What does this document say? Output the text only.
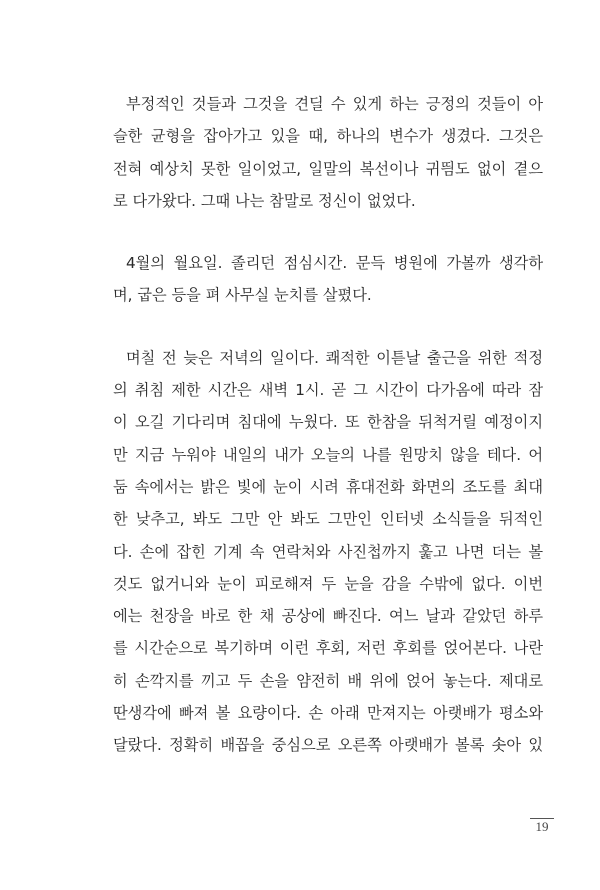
부정적인 것들과 그것을 견딜 수 있게 하는 긍정의 것들이 아
슬한 균형을 잡아가고 있을 때, 하나의 변수가 생겼다. 그것은
전혀 예상치 못한 일이었고, 일말의 복선이나 귀띔도 없이 곁으
로 다가왔다. 그때 나는 참말로 정신이 없었다.
4월의 월요일. 졸리던 점심시간. 문득 병원에 가볼까 생각하
며, 굽은 등을 펴 사무실 눈치를 살폈다.
며칠 전 늦은 저녁의 일이다. 쾌적한 이튿날 출근을 위한 적정
의 취침 제한 시간은 새벽 1시. 곧 그 시간이 다가옴에 따라 잠
이 오길 기다리며 침대에 누웠다. 또 한참을 뒤척거릴 예정이지
만 지금 누워야 내일의 내가 오늘의 나를 원망치 않을 테다. 어
둠 속에서는 밝은 빛에 눈이 시려 휴대전화 화면의 조도를 최대
한 낮추고, 봐도 그만 안 봐도 그만인 인터넷 소식들을 뒤적인
다. 손에 잡힌 기계 속 연락처와 사진첩까지 훑고 나면 더는 볼
것도 없거니와 눈이 피로해져 두 눈을 감을 수밖에 없다. 이번
에는 천장을 바로 한 채 공상에 빠진다. 여느 날과 같았던 하루
를 시간순으로 복기하며 이런 후회, 저런 후회를 얹어본다. 나란
히 손깍지를 끼고 두 손을 얌전히 배 위에 얹어 놓는다. 제대로
딴생각에 빠져 볼 요량이다. 손 아래 만져지는 아랫배가 평소와
달랐다. 정확히 배꼽을 중심으로 오른쪽 아랫배가 볼록 솟아 있
19
